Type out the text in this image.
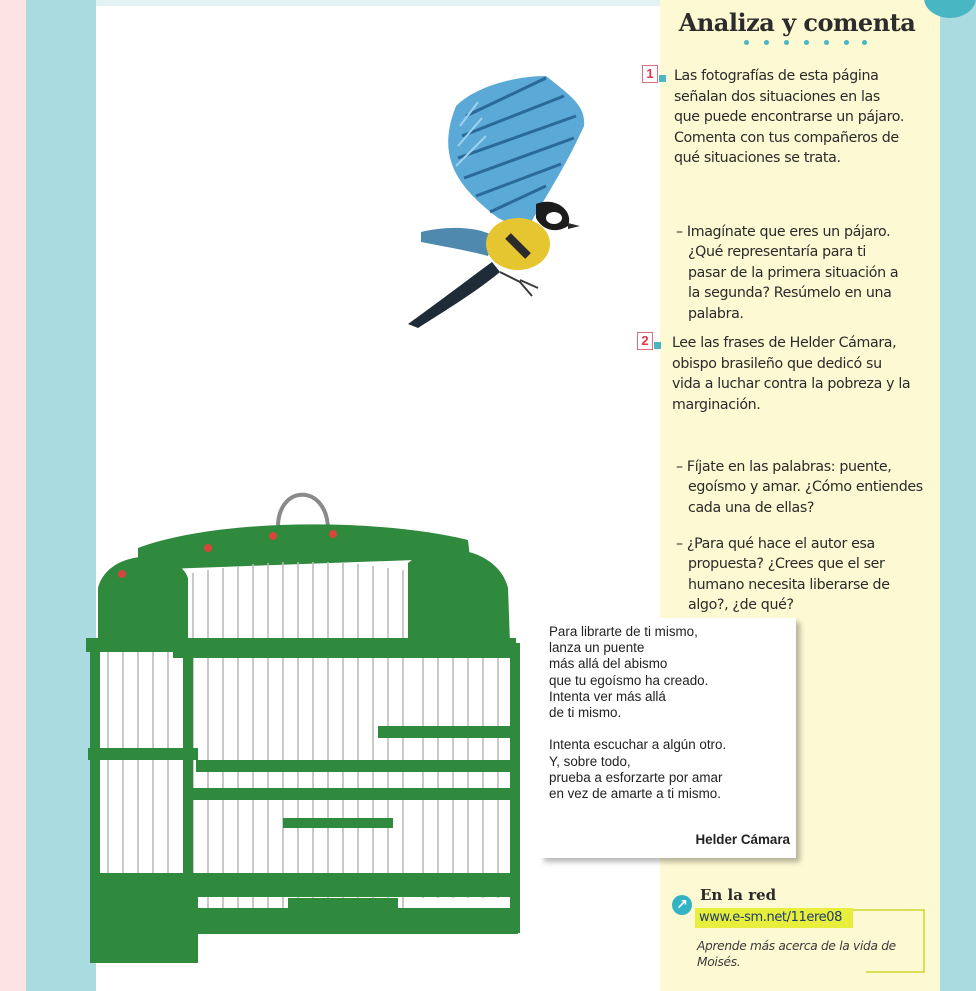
Analiza y comenta
1	Las fotografías de esta página
señalan dos situaciones en las
que puede encontrarse un pájaro.
Comenta con tus compañeros de
qué situaciones se trata.

– Imagínate que eres un pájaro.
¿Qué representaría para ti
pasar de la primera situación a
la segunda? Resúmelo en una
palabra.

2	Lee las frases de Helder Cámara,
obispo brasileño que dedicó su
vida a luchar contra la pobreza y la
marginación.

– Fíjate en las palabras: puente,
egoísmo y amar. ¿Cómo entiendes
cada una de ellas?

– ¿Para qué hace el autor esa
propuesta? ¿Crees que el ser
humano necesita liberarse de
algo?, ¿de qué?

Para librarte de ti mismo,
lanza un puente
más allá del abismo
que tu egoísmo ha creado.
Intenta ver más allá
de ti mismo.

Intenta escuchar a algún otro.
Y, sobre todo,
prueba a esforzarte por amar
en vez de amarte a ti mismo.
Helder Cámara
↗
En la red
www.e-sm.net/11ere08
Aprende más acerca de la vida de
Moisés.
